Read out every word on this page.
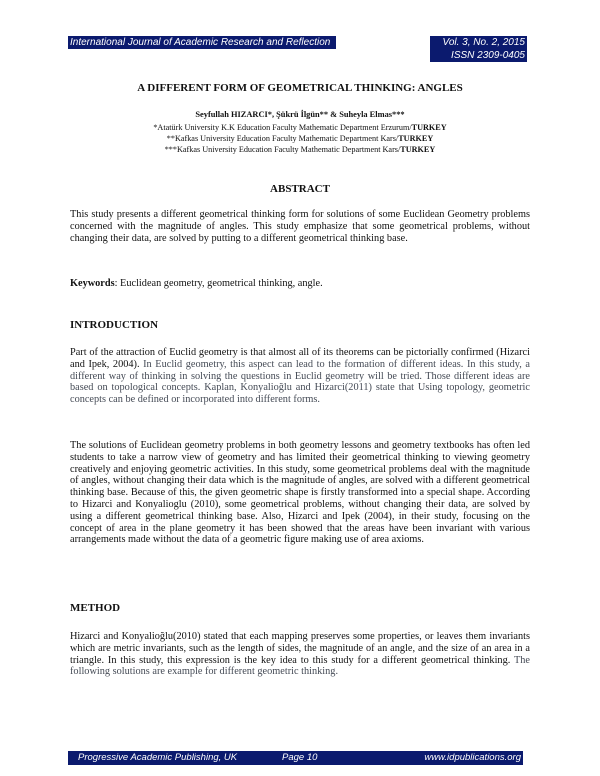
International Journal of Academic Research and Reflection	Vol. 3, No. 2, 2015
ISSN 2309-0405
A DIFFERENT FORM OF GEOMETRICAL THINKING: ANGLES
Seyfullah HIZARCI*, Şükrü İlgün** & Suheyla Elmas***
*Atatürk University K.K Education Faculty Mathematic Department Erzurum/TURKEY
**Kafkas University Education Faculty Mathematic Department Kars/TURKEY
***Kafkas University Education Faculty Mathematic Department Kars/TURKEY
ABSTRACT

This study presents a different geometrical thinking form for solutions of some Euclidean Geometry problems concerned with the magnitude of angles. This study emphasize that some geometrical problems, without changing their data, are solved by putting to a different geometrical thinking base.

Keywords: Euclidean geometry, geometrical thinking, angle.

INTRODUCTION

Part of the attraction of Euclid geometry is that almost all of its theorems can be pictorially confirmed (Hizarci and Ipek, 2004). In Euclid geometry, this aspect can lead to the formation of different ideas. In this study, a different way of thinking in solving the questions in Euclid geometry will be tried. Those different ideas are based on topological concepts. Kaplan, Konyalioğlu and Hizarci(2011) state that Using topology, geometric concepts can be defined or incorporated into different forms.

The solutions of Euclidean geometry problems in both geometry lessons and geometry textbooks has often led students to take a narrow view of geometry and has limited their geometrical thinking to viewing geometry creatively and enjoying geometric activities. In this study, some geometrical problems deal with the magnitude of angles, without changing their data which is the magnitude of angles, are solved with a different geometrical thinking base. Because of this, the given geometric shape is firstly transformed into a special shape. According to Hizarci and Konyalioglu (2010), some geometrical problems, without changing their data, are solved by using a different geometrical thinking base. Also, Hizarci and Ipek (2004), in their study, focusing on the concept of area in the plane geometry it has been showed that the areas have been invariant with various arrangements made without the data of a geometric figure making use of area axioms.

METHOD

Hizarci and Konyalioğlu(2010) stated that each mapping preserves some properties, or leaves them invariants which are metric invariants, such as the length of sides, the magnitude of an angle, and the size of an area in a triangle. In this study, this expression is the key idea to this study for a different geometrical thinking. The following solutions are example for different geometric thinking.

Progressive Academic Publishing, UK	Page 10	www.idpublications.org
